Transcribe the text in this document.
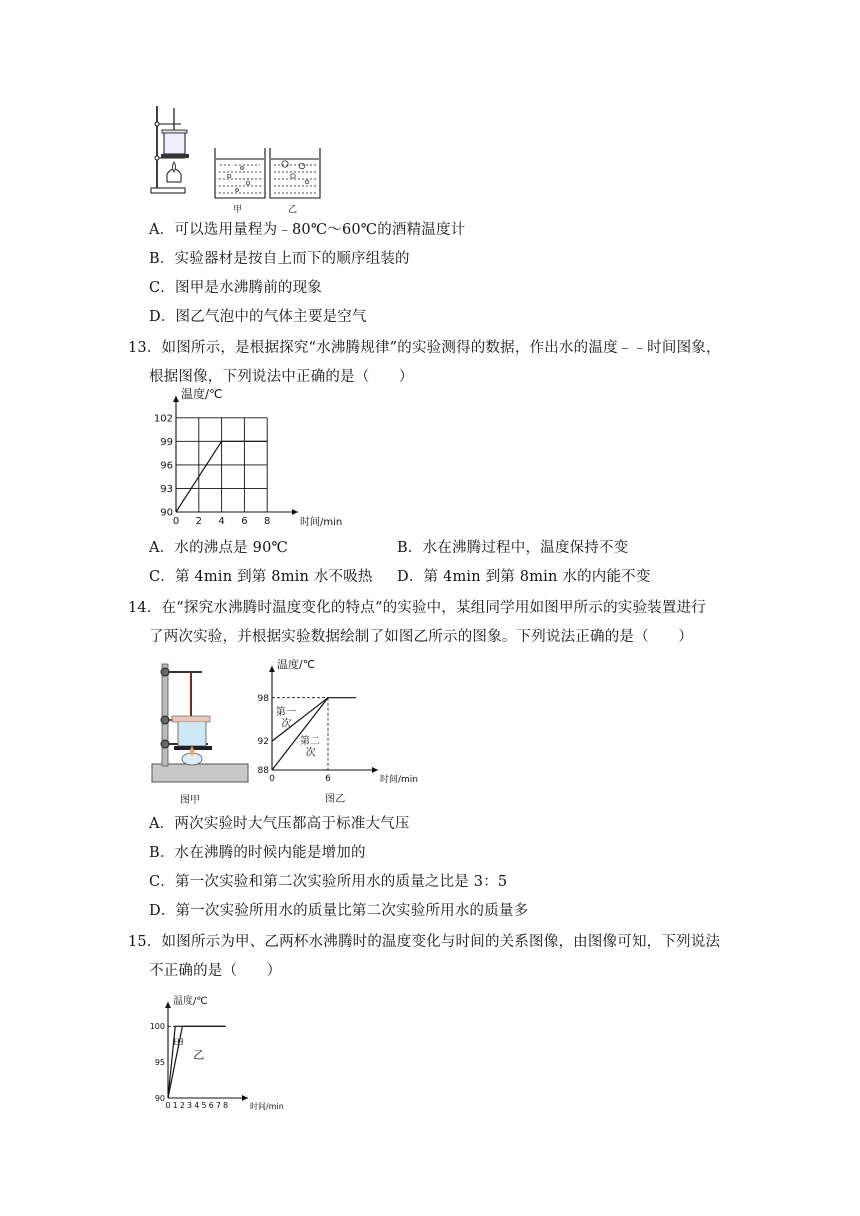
甲	乙
A．可以选用量程为﹣80℃～60℃的酒精温度计
B．实验器材是按自上而下的顺序组装的
C．图甲是水沸腾前的现象
D．图乙气泡中的气体主要是空气
13．如图所示，是根据探究“水沸腾规律”的实验测得的数据，作出水的温度﹣﹣时间图象，
根据图像，下列说法中正确的是（　　）
0 2 4 6 8
90
93
96
99
102
温度/℃
时间/min
A．水的沸点是 90℃	B．水在沸腾过程中，温度保持不变
C．第 4min 到第 8min 水不吸热 D．第 4min 到第 8min 水的内能不变
14．在“探究水沸腾时温度变化的特点“的实验中，某组同学用如图甲所示的实验装置进行
了两次实验，并根据实验数据绘制了如图乙所示的图象。下列说法正确的是（　　）
图甲
0	6
88
92
98
温度/℃
时间/min
第一
次
第二
次
图乙
A．两次实验时大气压都高于标准大气压
B．水在沸腾的时候内能是增加的
C．第一次实验和第二次实验所用水的质量之比是 3：5
D．第一次实验所用水的质量比第二次实验所用水的质量多
15．如图所示为甲、乙两杯水沸腾时的温度变化与时间的关系图像，由图像可知，下列说法
不正确的是（　　）
0 1 2 3 4 5 6 7 8
90
95
100
温度/℃
时间/min
甲
乙
